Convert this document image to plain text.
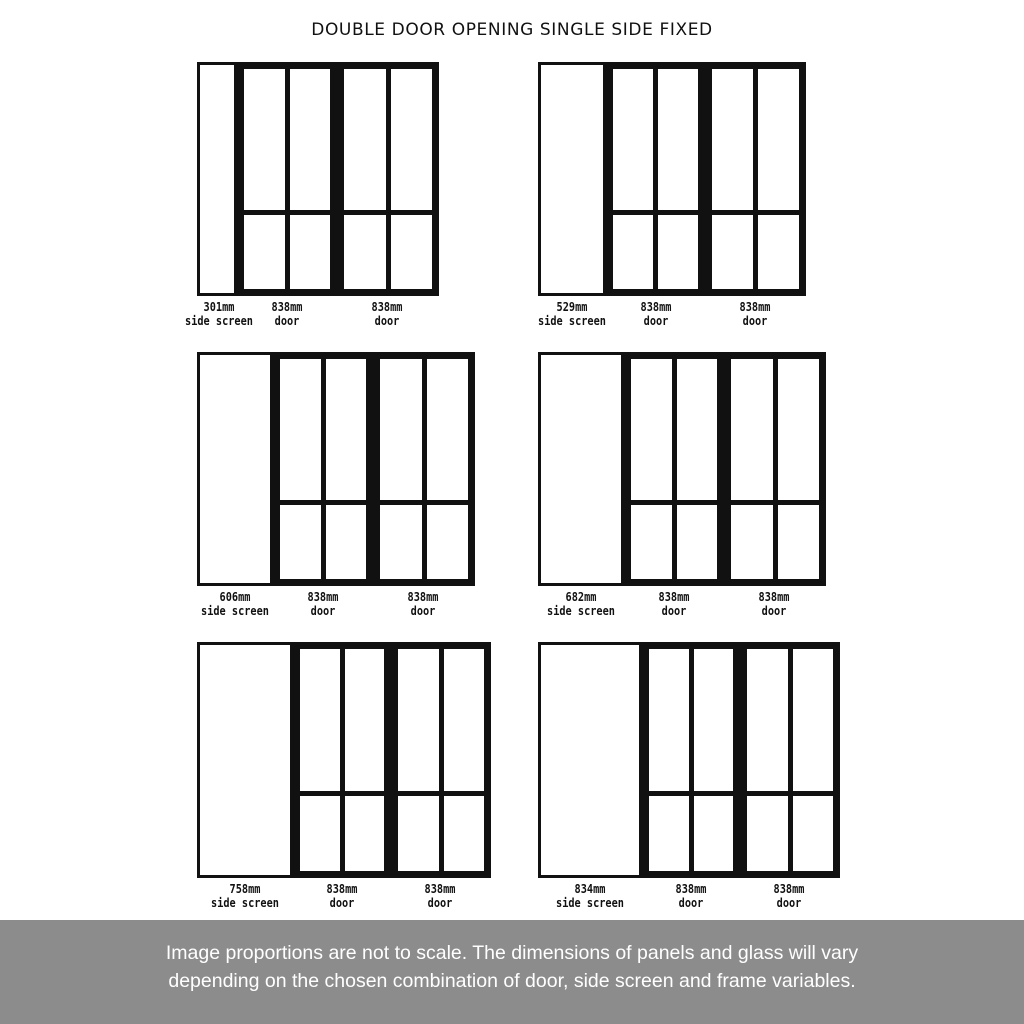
DOUBLE DOOR OPENING SINGLE SIDE FIXED
301mm
side screen
838mm
door
838mm
door
529mm
side screen
838mm
door
838mm
door
606mm
side screen
838mm
door
838mm
door
682mm
side screen
838mm
door
838mm
door
758mm
side screen
838mm
door
838mm
door
834mm
side screen
838mm
door
838mm
door
Image proportions are not to scale. The dimensions of panels and glass will vary
depending on the chosen combination of door, side screen and frame variables.
